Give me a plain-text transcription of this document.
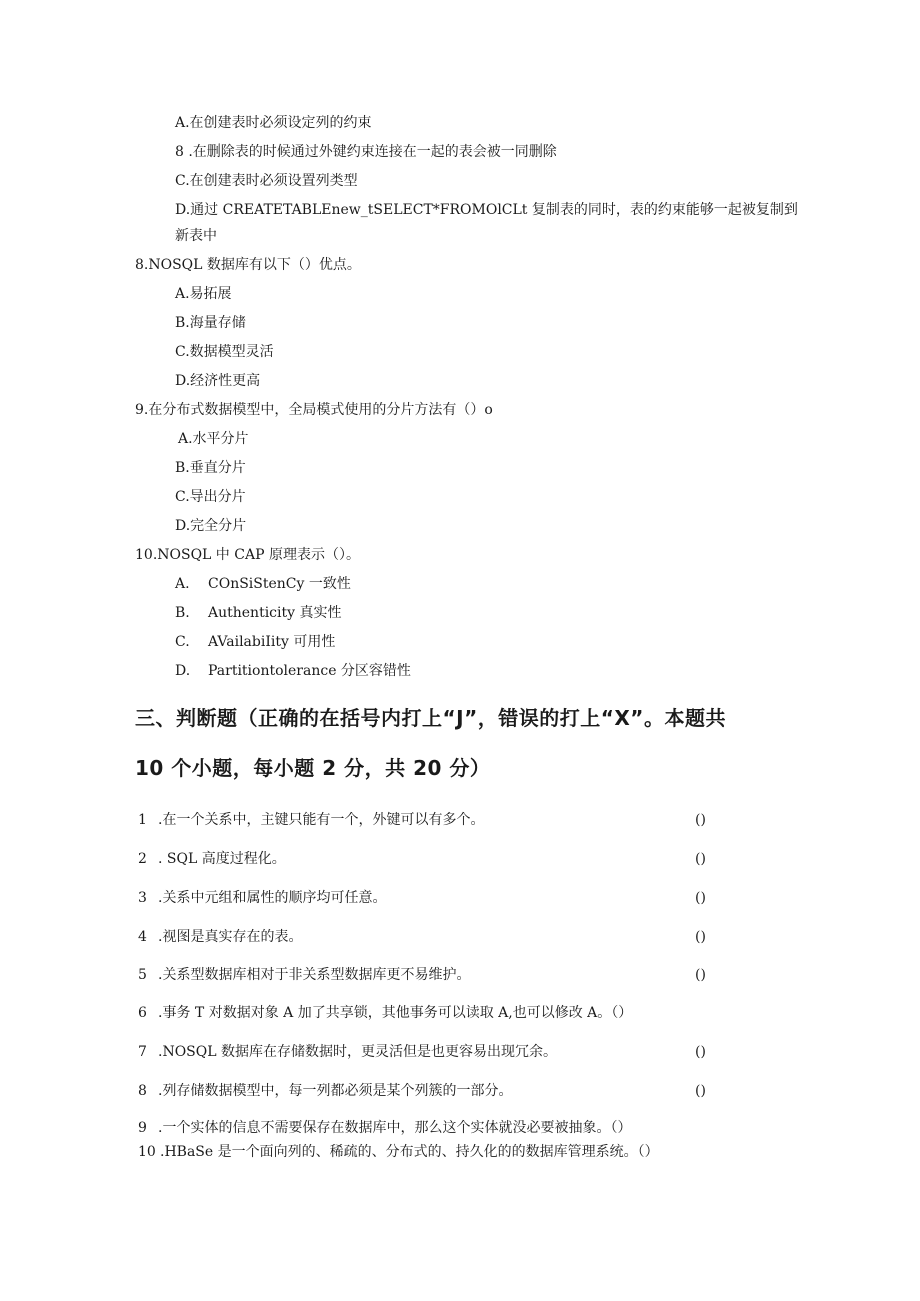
A.在创建表时必须设定列的约束
8 .在删除表的时候通过外键约束连接在一起的表会被一同删除
C.在创建表时必须设置列类型
D.通过 CREATETABLEnew_tSELECT*FROMOlCLt 复制表的同时，表的约束能够一起被复制到
新表中
8.NOSQL 数据库有以下（）优点。
A.易拓展
B.海量存储
C.数据模型灵活
D.经济性更高
9.在分布式数据模型中，全局模式使用的分片方法有（）o
A.水平分片
B.垂直分片
C.导出分片
D.完全分片
10.NOSQL 中 CAP 原理表示（）。
A. COnSiStenCy 一致性
B. Authenticity 真实性
C. AVailabiIity 可用性
D. Partitiontolerance 分区容错性
三、判断题（正确的在括号内打上“J”，错误的打上“X”。本题共
10 个小题，每小题 2 分，共 20 分）
1 .在一个关系中，主键只能有一个，外键可以有多个。	()
2 . SQL 高度过程化。	()
3 .关系中元组和属性的顺序均可任意。	()
4 .视图是真实存在的表。	()
5 .关系型数据库相对于非关系型数据库更不易维护。	()
6 .事务 T 对数据对象 A 加了共享锁，其他事务可以读取 A,也可以修改 A。（）
7 .NOSQL 数据库在存储数据时，更灵活但是也更容易出现冗余。	()
8 .列存储数据模型中，每一列都必须是某个列簇的一部分。	()
9 .一个实体的信息不需要保存在数据库中，那么这个实体就没必要被抽象。（）
10 .HBaSe 是一个面向列的、稀疏的、分布式的、持久化的的数据库管理系统。（）
